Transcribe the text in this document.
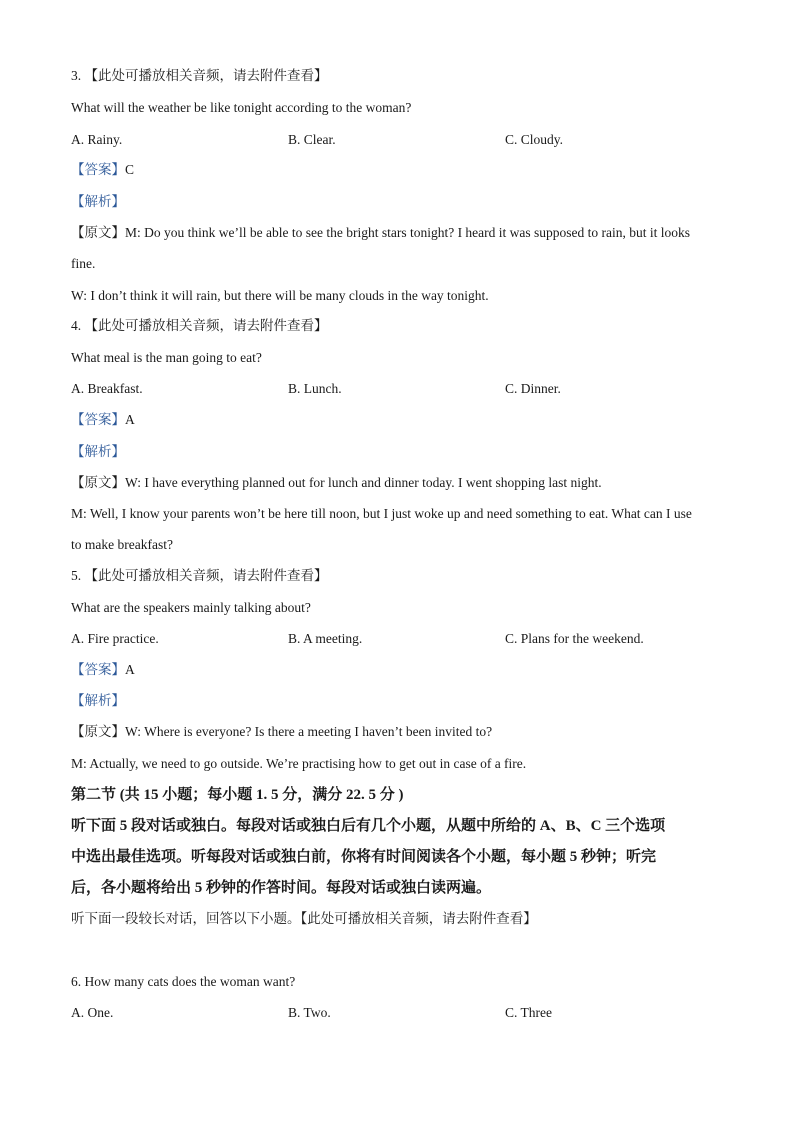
3. 【此处可播放相关音频，请去附件查看】
What will the weather be like tonight according to the woman?
A. Rainy.	B. Clear.	C. Cloudy.
【答案】C
【解析】
【原文】M: Do you think we’ll be able to see the bright stars tonight? I heard it was supposed to rain, but it looks
fine.
W: I don’t think it will rain, but there will be many clouds in the way tonight.
4. 【此处可播放相关音频，请去附件查看】
What meal is the man going to eat?
A. Breakfast.	B. Lunch.	C. Dinner.
【答案】A
【解析】
【原文】W: I have everything planned out for lunch and dinner today. I went shopping last night.
M: Well, I know your parents won’t be here till noon, but I just woke up and need something to eat. What can I use
to make breakfast?
5. 【此处可播放相关音频，请去附件查看】
What are the speakers mainly talking about?
A. Fire practice.	B. A meeting.	C. Plans for the weekend.
【答案】A
【解析】
【原文】W: Where is everyone? Is there a meeting I haven’t been invited to?
M: Actually, we need to go outside. We’re practising how to get out in case of a fire.
第二节 (共 15 小题；每小题 1. 5 分，满分 22. 5 分 )
听下面 5 段对话或独白。每段对话或独白后有几个小题，从题中所给的 A、B、C 三个选项
中选出最佳选项。听每段对话或独白前，你将有时间阅读各个小题，每小题 5 秒钟；听完
后，各小题将给出 5 秒钟的作答时间。每段对话或独白读两遍。
听下面一段较长对话，回答以下小题。【此处可播放相关音频，请去附件查看】
6. How many cats does the woman want?
A. One.	B. Two.	C. Three
